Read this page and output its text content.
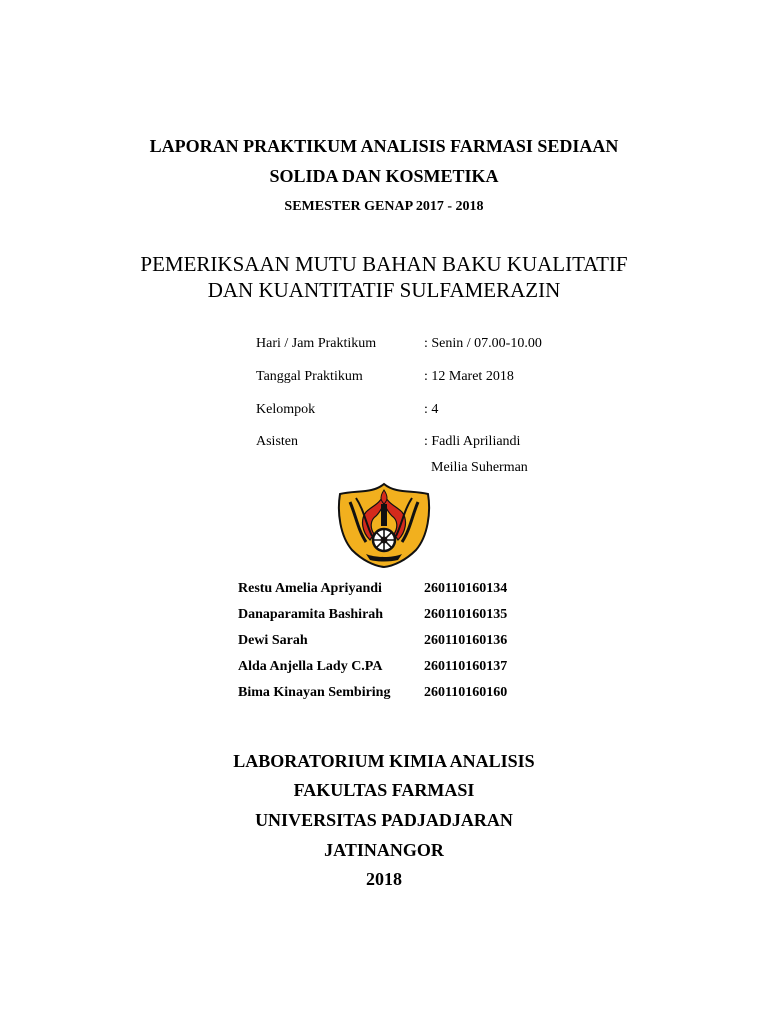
LAPORAN PRAKTIKUM ANALISIS FARMASI SEDIAAN
SOLIDA DAN KOSMETIKA
SEMESTER GENAP 2017 - 2018
PEMERIKSAAN MUTU BAHAN BAKU KUALITATIF
DAN KUANTITATIF SULFAMERAZIN
Hari / Jam Praktikum	: Senin / 07.00-10.00
Tanggal Praktikum	: 12 Maret 2018
Kelompok	: 4
Asisten	: Fadli Apriliandi
Meilia Suherman
Restu Amelia Apriyandi	260110160134
Danaparamita Bashirah	260110160135
Dewi Sarah	260110160136
Alda Anjella Lady C.PA	260110160137
Bima Kinayan Sembiring 260110160160
LABORATORIUM KIMIA ANALISIS
FAKULTAS FARMASI
UNIVERSITAS PADJADJARAN
JATINANGOR
2018
